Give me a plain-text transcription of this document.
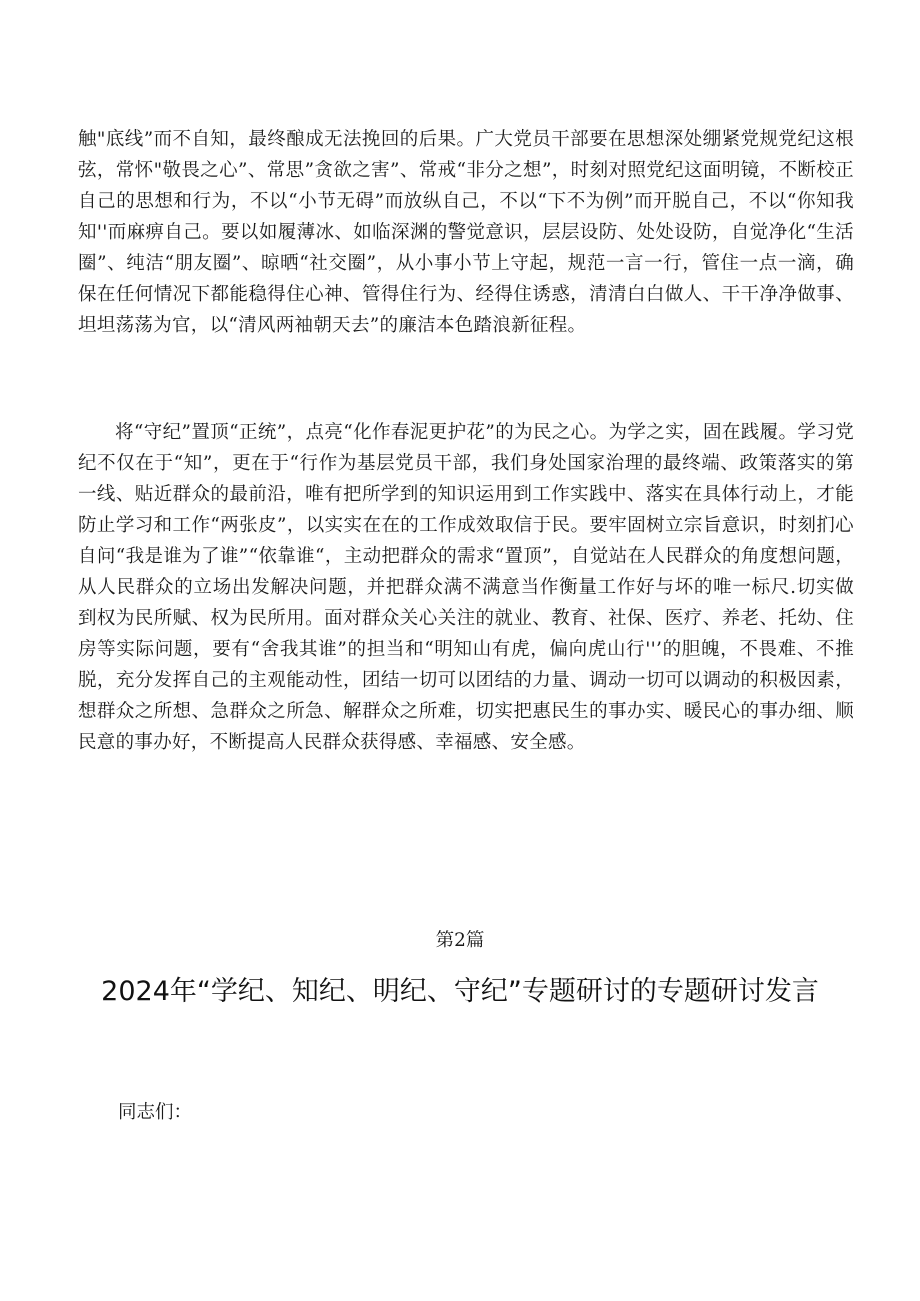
触"底线”而不自知，最终酿成无法挽回的后果。广大党员干部要在思想深处绷紧党规党纪这根弦，常怀"敬畏之心”、常思”贪欲之害”、常戒“非分之想”，时刻对照党纪这面明镜，不断校正自己的思想和行为，不以“小节无碍”而放纵自己，不以“下不为例”而开脱自己，不以“你知我知''而麻痹自己。要以如履薄冰、如临深渊的警觉意识，层层设防、处处设防，自觉净化“生活圈”、纯洁“朋友圈”、晾晒“社交圈”，从小事小节上守起，规范一言一行，管住一点一滴，确保在任何情况下都能稳得住心神、管得住行为、经得住诱惑，清清白白做人、干干净净做事、坦坦荡荡为官，以“清风两袖朝天去”的廉洁本色踏浪新征程。

将“守纪”置顶“正统”，点亮“化作春泥更护花”的为民之心。为学之实，固在践履。学习党纪不仅在于“知”，更在于“行作为基层党员干部，我们身处国家治理的最终端、政策落实的第一线、贴近群众的最前沿，唯有把所学到的知识运用到工作实践中、落实在具体行动上，才能防止学习和工作“两张皮”，以实实在在的工作成效取信于民。要牢固树立宗旨意识，时刻扪心自问“我是谁为了谁”“依靠谁“，主动把群众的需求“置顶”，自觉站在人民群众的角度想问题，从人民群众的立场出发解决问题，并把群众满不满意当作衡量工作好与坏的唯一标尺.切实做到权为民所赋、权为民所用。面对群众关心关注的就业、教育、社保、医疗、养老、托幼、住房等实际问题，要有“舍我其谁”的担当和“明知山有虎，偏向虎山行''’的胆魄，不畏难、不推脱，充分发挥自己的主观能动性，团结一切可以团结的力量、调动一切可以调动的积极因素，想群众之所想、急群众之所急、解群众之所难，切实把惠民生的事办实、暖民心的事办细、顺民意的事办好，不断提高人民群众获得感、幸福感、安全感。

第2篇
2024年“学纪、知纪、明纪、守纪”专题研讨的专题研讨发言
同志们：
